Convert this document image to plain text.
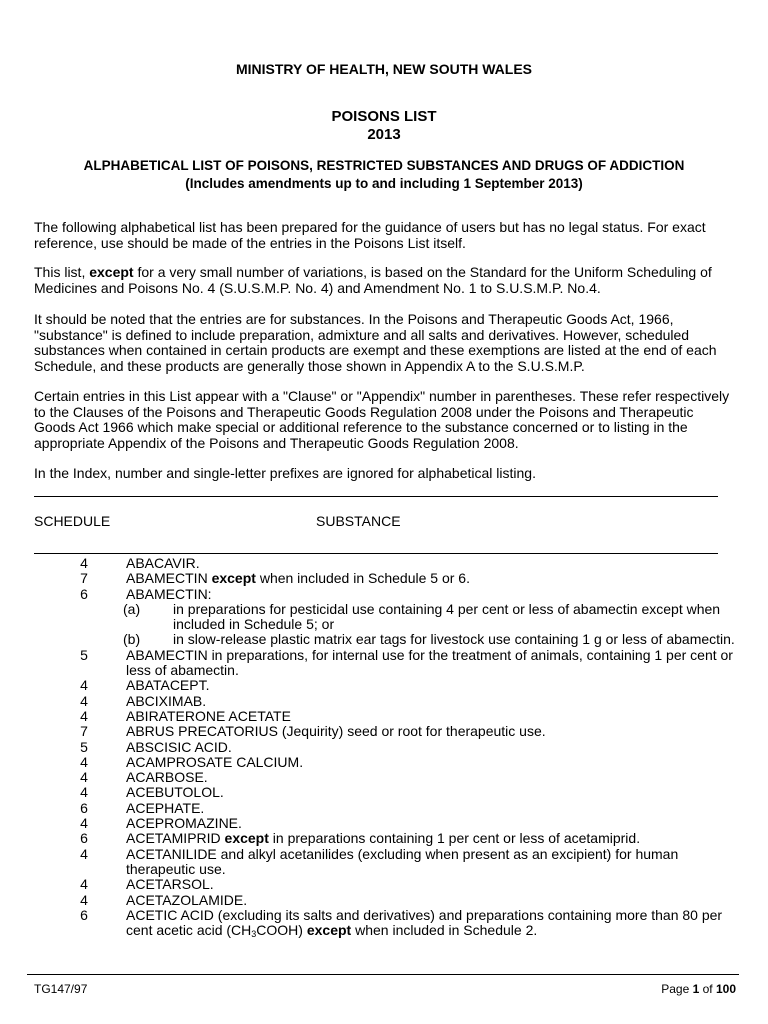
MINISTRY OF HEALTH, NEW SOUTH WALES
POISONS LIST
2013
ALPHABETICAL LIST OF POISONS, RESTRICTED SUBSTANCES AND DRUGS OF ADDICTION
(Includes amendments up to and including 1 September 2013)
The following alphabetical list has been prepared for the guidance of users but has no legal status. For exact reference, use should be made of the entries in the Poisons List itself.
This list, except for a very small number of variations, is based on the Standard for the Uniform Scheduling of Medicines and Poisons No. 4 (S.U.S.M.P. No. 4) and Amendment No. 1 to S.U.S.M.P. No.4.
It should be noted that the entries are for substances. In the Poisons and Therapeutic Goods Act, 1966, "substance" is defined to include preparation, admixture and all salts and derivatives. However, scheduled substances when contained in certain products are exempt and these exemptions are listed at the end of each Schedule, and these products are generally those shown in Appendix A to the S.U.S.M.P.
Certain entries in this List appear with a "Clause" or "Appendix" number in parentheses. These refer respectively to the Clauses of the Poisons and Therapeutic Goods Regulation 2008 under the Poisons and Therapeutic Goods Act 1966 which make special or additional reference to the substance concerned or to listing in the appropriate Appendix of the Poisons and Therapeutic Goods Regulation 2008.
In the Index, number and single-letter prefixes are ignored for alphabetical listing.
SCHEDULE	SUBSTANCE
4	ABACAVIR.
7	ABAMECTIN except when included in Schedule 5 or 6.
6	ABAMECTIN:
(a) in preparations for pesticidal use containing 4 per cent or less of abamectin except when included in Schedule 5; or
(b) in slow-release plastic matrix ear tags for livestock use containing 1 g or less of abamectin.
5	ABAMECTIN in preparations, for internal use for the treatment of animals, containing 1 per cent or less of abamectin.
4	ABATACEPT.
4	ABCIXIMAB.
4	ABIRATERONE ACETATE
7	ABRUS PRECATORIUS (Jequirity) seed or root for therapeutic use.
5	ABSCISIC ACID.
4	ACAMPROSATE CALCIUM.
4	ACARBOSE.
4	ACEBUTOLOL.
6	ACEPHATE.
4	ACEPROMAZINE.
6	ACETAMIPRID except in preparations containing 1 per cent or less of acetamiprid.
4	ACETANILIDE and alkyl acetanilides (excluding when present as an excipient) for human therapeutic use.
4	ACETARSOL.
4	ACETAZOLAMIDE.
6	ACETIC ACID (excluding its salts and derivatives) and preparations containing more than 80 per cent acetic acid $(CH_3COOH)$ except when included in Schedule 2.
TG147/97	Page 1 of 100
